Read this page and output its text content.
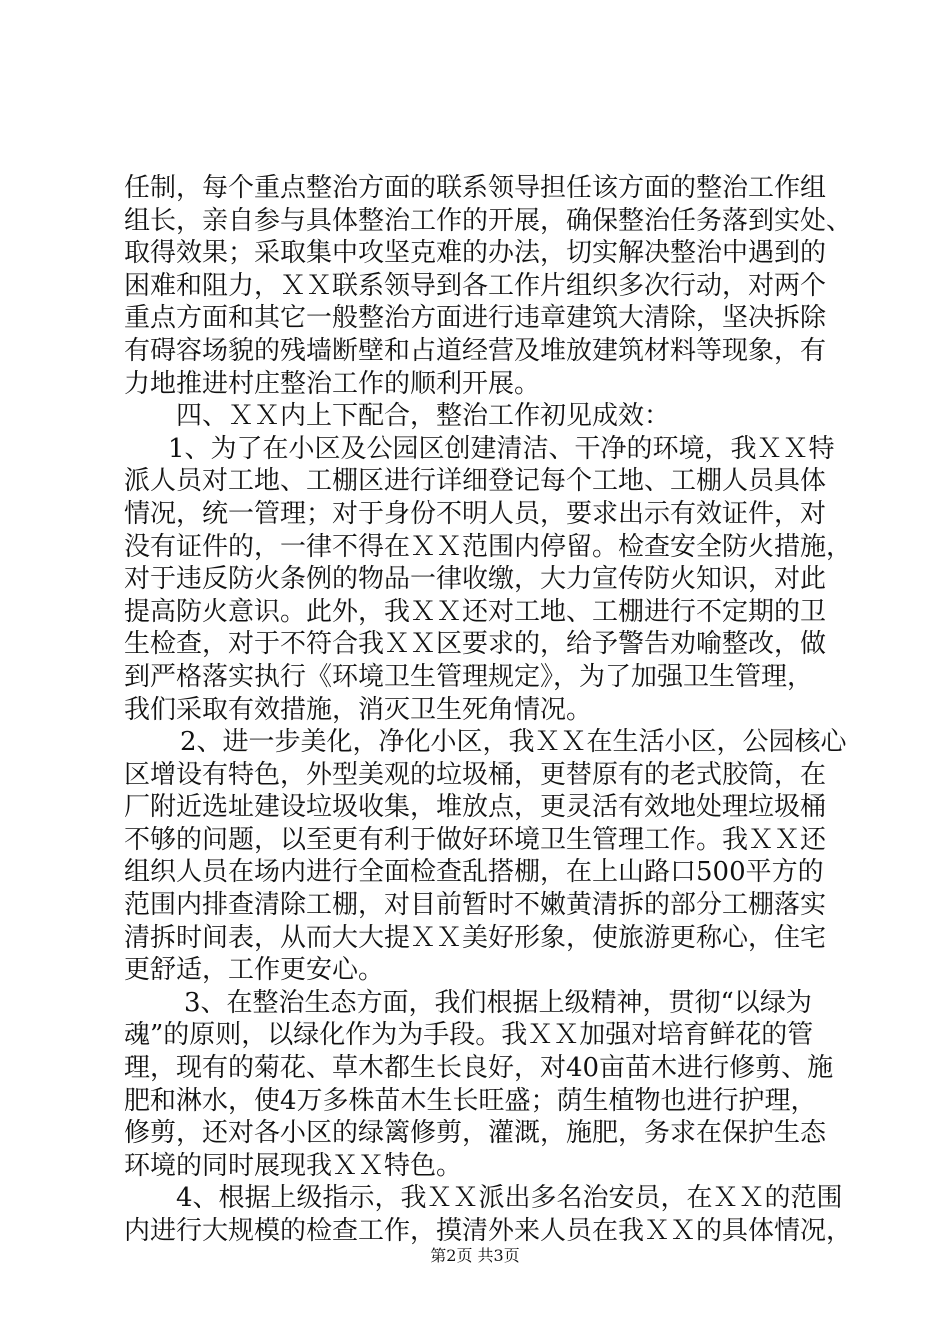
任制，每个重点整治方面的联系领导担任该方面的整治工作组
组长，亲自参与具体整治工作的开展，确保整治任务落到实处、
取得效果；采取集中攻坚克难的办法，切实解决整治中遇到的
困难和阻力，ＸＸ联系领导到各工作片组织多次行动，对两个
重点方面和其它一般整治方面进行违章建筑大清除，坚决拆除
有碍容场貌的残墙断壁和占道经营及堆放建筑材料等现象，有
力地推进村庄整治工作的顺利开展。
四、ＸＸ内上下配合，整治工作初见成效：
1、为了在小区及公园区创建清洁、干净的环境，我ＸＸ特
派人员对工地、工棚区进行详细登记每个工地、工棚人员具体
情况，统一管理；对于身份不明人员，要求出示有效证件，对
没有证件的，一律不得在ＸＸ范围内停留。检查安全防火措施，
对于违反防火条例的物品一律收缴，大力宣传防火知识，对此
提高防火意识。此外，我ＸＸ还对工地、工棚进行不定期的卫
生检查，对于不符合我ＸＸ区要求的，给予警告劝喻整改，做
到严格落实执行《环境卫生管理规定》，为了加强卫生管理，
我们采取有效措施，消灭卫生死角情况。
2、进一步美化，净化小区，我ＸＸ在生活小区，公园核心
区增设有特色，外型美观的垃圾桶，更替原有的老式胶筒，在
厂附近选址建设垃圾收集，堆放点，更灵活有效地处理垃圾桶
不够的问题，以至更有利于做好环境卫生管理工作。我ＸＸ还
组织人员在场内进行全面检查乱搭棚，在上山路口500平方的
范围内排查清除工棚，对目前暂时不嫩黄清拆的部分工棚落实
清拆时间表，从而大大提ＸＸ美好形象，使旅游更称心，住宅
更舒适，工作更安心。
3、在整治生态方面，我们根据上级精神，贯彻“以绿为
魂”的原则，以绿化作为为手段。我ＸＸ加强对培育鲜花的管
理，现有的菊花、草木都生长良好，对40亩苗木进行修剪、施
肥和淋水，使4万多株苗木生长旺盛；荫生植物也进行护理，
修剪，还对各小区的绿篱修剪，灌溉，施肥，务求在保护生态
环境的同时展现我ＸＸ特色。
4、根据上级指示，我ＸＸ派出多名治安员，在ＸＸ的范围
内进行大规模的检查工作，摸清外来人员在我ＸＸ的具体情况，
第2页 共3页
